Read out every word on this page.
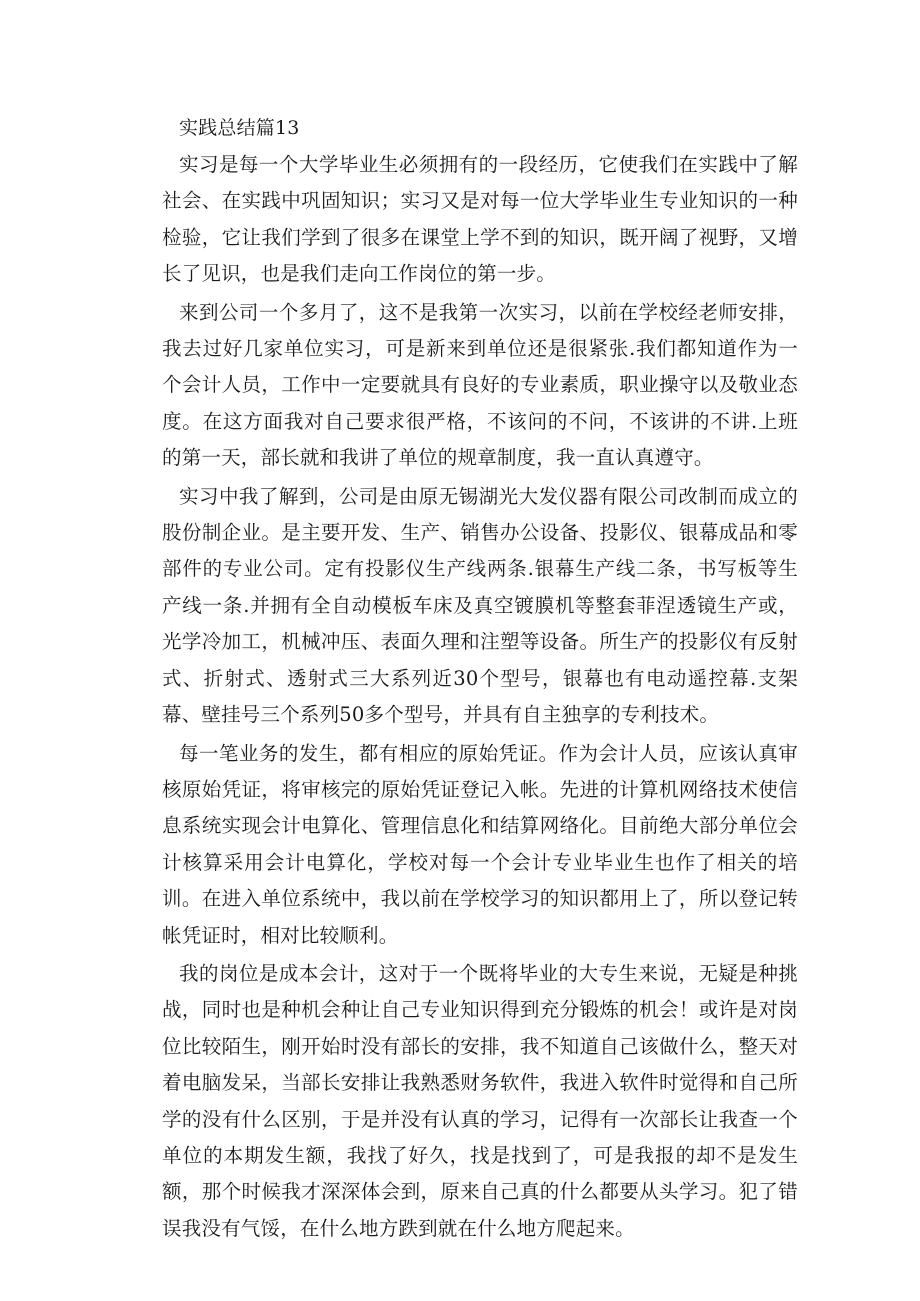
实践总结篇13

实习是每一个大学毕业生必须拥有的一段经历，它使我们在实践中了解社会、在实践中巩固知识；实习又是对每一位大学毕业生专业知识的一种检验，它让我们学到了很多在课堂上学不到的知识，既开阔了视野，又增长了见识，也是我们走向工作岗位的第一步。

来到公司一个多月了，这不是我第一次实习，以前在学校经老师安排，我去过好几家单位实习，可是新来到单位还是很紧张.我们都知道作为一个会计人员，工作中一定要就具有良好的专业素质，职业操守以及敬业态度。在这方面我对自己要求很严格，不该问的不问，不该讲的不讲.上班的第一天，部长就和我讲了单位的规章制度，我一直认真遵守。

实习中我了解到，公司是由原无锡湖光大发仪器有限公司改制而成立的股份制企业。是主要开发、生产、销售办公设备、投影仪、银幕成品和零部件的专业公司。定有投影仪生产线两条.银幕生产线二条，书写板等生产线一条.并拥有全自动模板车床及真空镀膜机等整套菲涅透镜生产或，光学冷加工，机械冲压、表面久理和注塑等设备。所生产的投影仪有反射式、折射式、透射式三大系列近30个型号，银幕也有电动遥控幕.支架幕、壁挂号三个系列50多个型号，并具有自主独享的专利技术。

每一笔业务的发生，都有相应的原始凭证。作为会计人员，应该认真审核原始凭证，将审核完的原始凭证登记入帐。先进的计算机网络技术使信息系统实现会计电算化、管理信息化和结算网络化。目前绝大部分单位会计核算采用会计电算化，学校对每一个会计专业毕业生也作了相关的培训。在进入单位系统中，我以前在学校学习的知识都用上了，所以登记转帐凭证时，相对比较顺利。

我的岗位是成本会计，这对于一个既将毕业的大专生来说，无疑是种挑战，同时也是种机会种让自己专业知识得到充分锻炼的机会！或许是对岗位比较陌生，刚开始时没有部长的安排，我不知道自己该做什么，整天对着电脑发呆，当部长安排让我熟悉财务软件，我进入软件时觉得和自己所学的没有什么区别，于是并没有认真的学习，记得有一次部长让我查一个单位的本期发生额，我找了好久，找是找到了，可是我报的却不是发生额，那个时候我才深深体会到，原来自己真的什么都要从头学习。犯了错误我没有气馁，在什么地方跌到就在什么地方爬起来。
